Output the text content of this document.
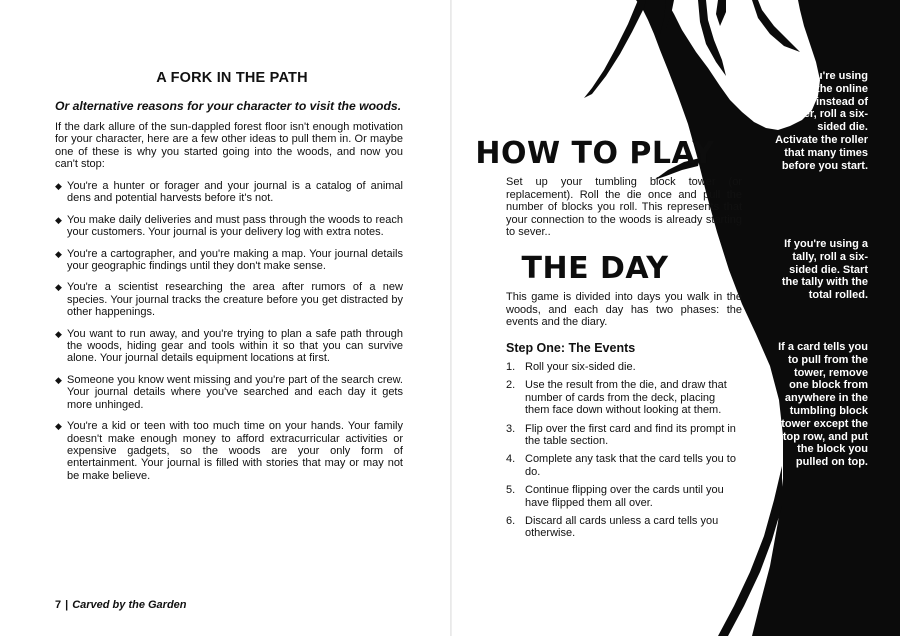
A FORK IN THE PATH
Or alternative reasons for your character to visit the woods.

If the dark allure of the sun-dappled forest floor isn't enough motivation for your character, here are a few other ideas to pull them in. Or maybe one of these is why you started going into the woods, and now you can't stop:

◆ You're a hunter or forager and your journal is a catalog of animal dens and potential harvests before it's not.
◆ You make daily deliveries and must pass through the woods to reach your customers. Your journal is your delivery log with extra notes.
◆ You're a cartographer, and you're making a map. Your journal details your geographic findings until they don't make sense.
◆ You're a scientist researching the area after rumors of a new species. Your journal tracks the creature before you get distracted by other happenings.
◆ You want to run away, and you're trying to plan a safe path through the woods, hiding gear and tools within it so that you can survive alone. Your journal details equipment locations at first.
◆ Someone you know went missing and you're part of the search crew. Your journal details where you've searched and each day it gets more unhinged.
◆ You're a kid or teen with too much time on your hands. Your family doesn't make enough money to afford extracurricular activities or expensive gadgets, so the woods are your only form of entertainment. Your journal is filled with stories that may or may not be make believe.
7 | Carved by the Garden
HOW TO PLAY

Set up your tumbling block tower (or replacement). Roll the die once and pull the number of blocks you roll. This represents that your connection to the woods is already starting to sever..

THE DAY

This game is divided into days you walk in the woods, and each day has two phases: the events and the diary.

Step One: The Events
1. Roll your six-sided die.
2. Use the result from the die, and draw that number of cards from the deck, placing them face down without looking at them.
3. Flip over the first card and find its prompt in the table section.
4. Complete any task that the card tells you to do.
5. Continue flipping over the cards until you have flipped them all over.
6. Discard all cards unless a card tells you otherwise.
If you're using one of the online rollers instead of a tower, roll a six-sided die. Activate the roller that many times before you start.
If you're using a tally, roll a six-sided die. Start the tally with the total rolled.
If a card tells you to pull from the tower, remove one block from anywhere in the tumbling block tower except the top row, and put the block you pulled on top.
